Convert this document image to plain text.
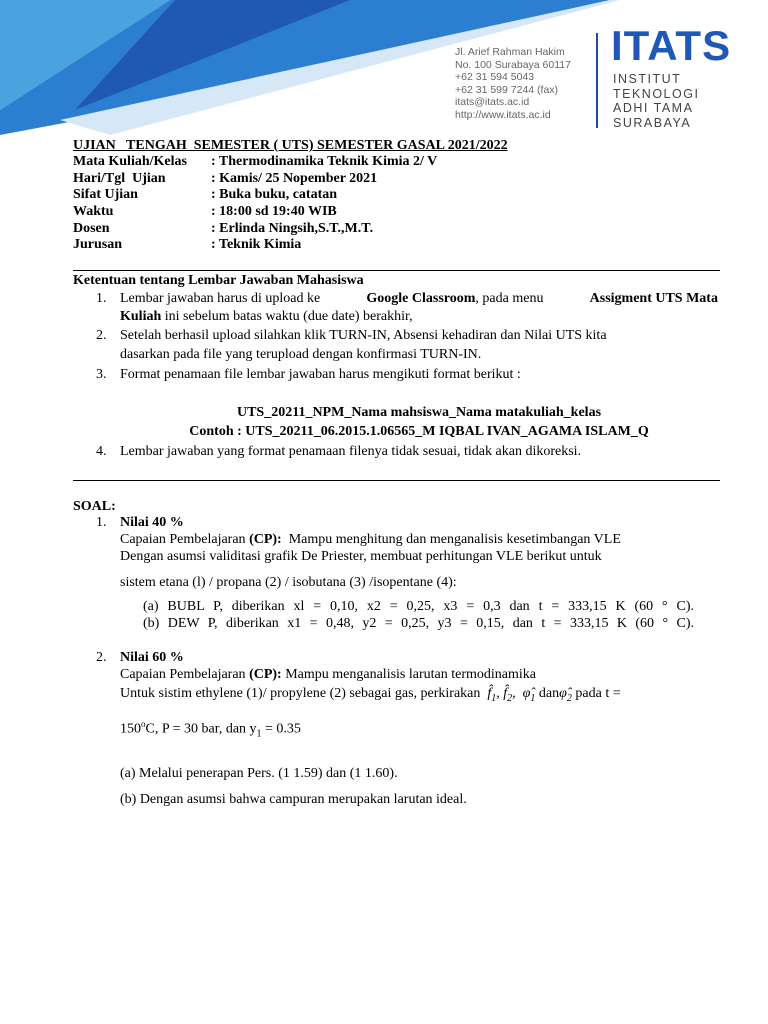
Jl. Arief Rahman Hakim
No. 100 Surabaya 60117
+62 31 594 5043
+62 31 599 7244 (fax)
itats@itats.ac.id
http://www.itats.ac.id
ITATS
INSTITUT
TEKNOLOGI
ADHI TAMA
SURABAYA
UJIAN   TENGAH  SEMESTER ( UTS) SEMESTER GASAL 2021/2022
Mata Kuliah/Kelas : Thermodinamika Teknik Kimia 2/ V
Hari/Tgl  Ujian	: Kamis/ 25 Nopember 2021
Sifat Ujian	: Buka buku, catatan
Waktu	: 18:00 sd 19:40 WIB
Dosen	: Erlinda Ningsih,S.T.,M.T.
Jurusan	: Teknik Kimia
Ketentuan tentang Lembar Jawaban Mahasiswa
1. Lembar jawaban harus di upload ke	Google Classroom, pada menu	Assigment UTS Mata
Kuliah ini sebelum batas waktu (due date) berakhir,
2. Setelah berhasil upload silahkan klik TURN-IN, Absensi kehadiran dan Nilai UTS kita
dasarkan pada file yang terupload dengan konfirmasi TURN-IN.
3. Format penamaan file lembar jawaban harus mengikuti format berikut :
UTS_20211_NPM_Nama mahsiswa_Nama matakuliah_kelas
Contoh : UTS_20211_06.2015.1.06565_M IQBAL IVAN_AGAMA ISLAM_Q
4. Lembar jawaban yang format penamaan filenya tidak sesuai, tidak akan dikoreksi.
SOAL:
1. Nilai 40 %
Capaian Pembelajaran (CP):  Mampu menghitung dan menganalisis kesetimbangan VLE
Dengan asumsi validitasi grafik De Priester, membuat perhitungan VLE berikut untuk
sistem etana (l) / propana (2) / isobutana (3) /isopentane (4):
(a) BUBL P, diberikan xl = 0,10, x2 = 0,25, x3 = 0,3 dan t = 333,15 K (60 ° C).
(b) DEW P, diberikan x1 = 0,48, y2 = 0,25, y3 = 0,15, dan t = 333,15 K (60 ° C).
2. Nilai 60 %
Capaian Pembelajaran (CP): Mampu menganalisis larutan termodinamika
Untuk sistim ethylene (1)/ propylene (2) sebagai gas, perkirakan  $f̂_1$, $f̂_2$,  $\varphî_1$ $dan\varphî_2$ pada t =
$150^oC$, P = 30 bar, dan $y_1 = 0.35$
(a) Melalui penerapan Pers. (1 1.59) dan (1 1.60).
(b) Dengan asumsi bahwa campuran merupakan larutan ideal.
